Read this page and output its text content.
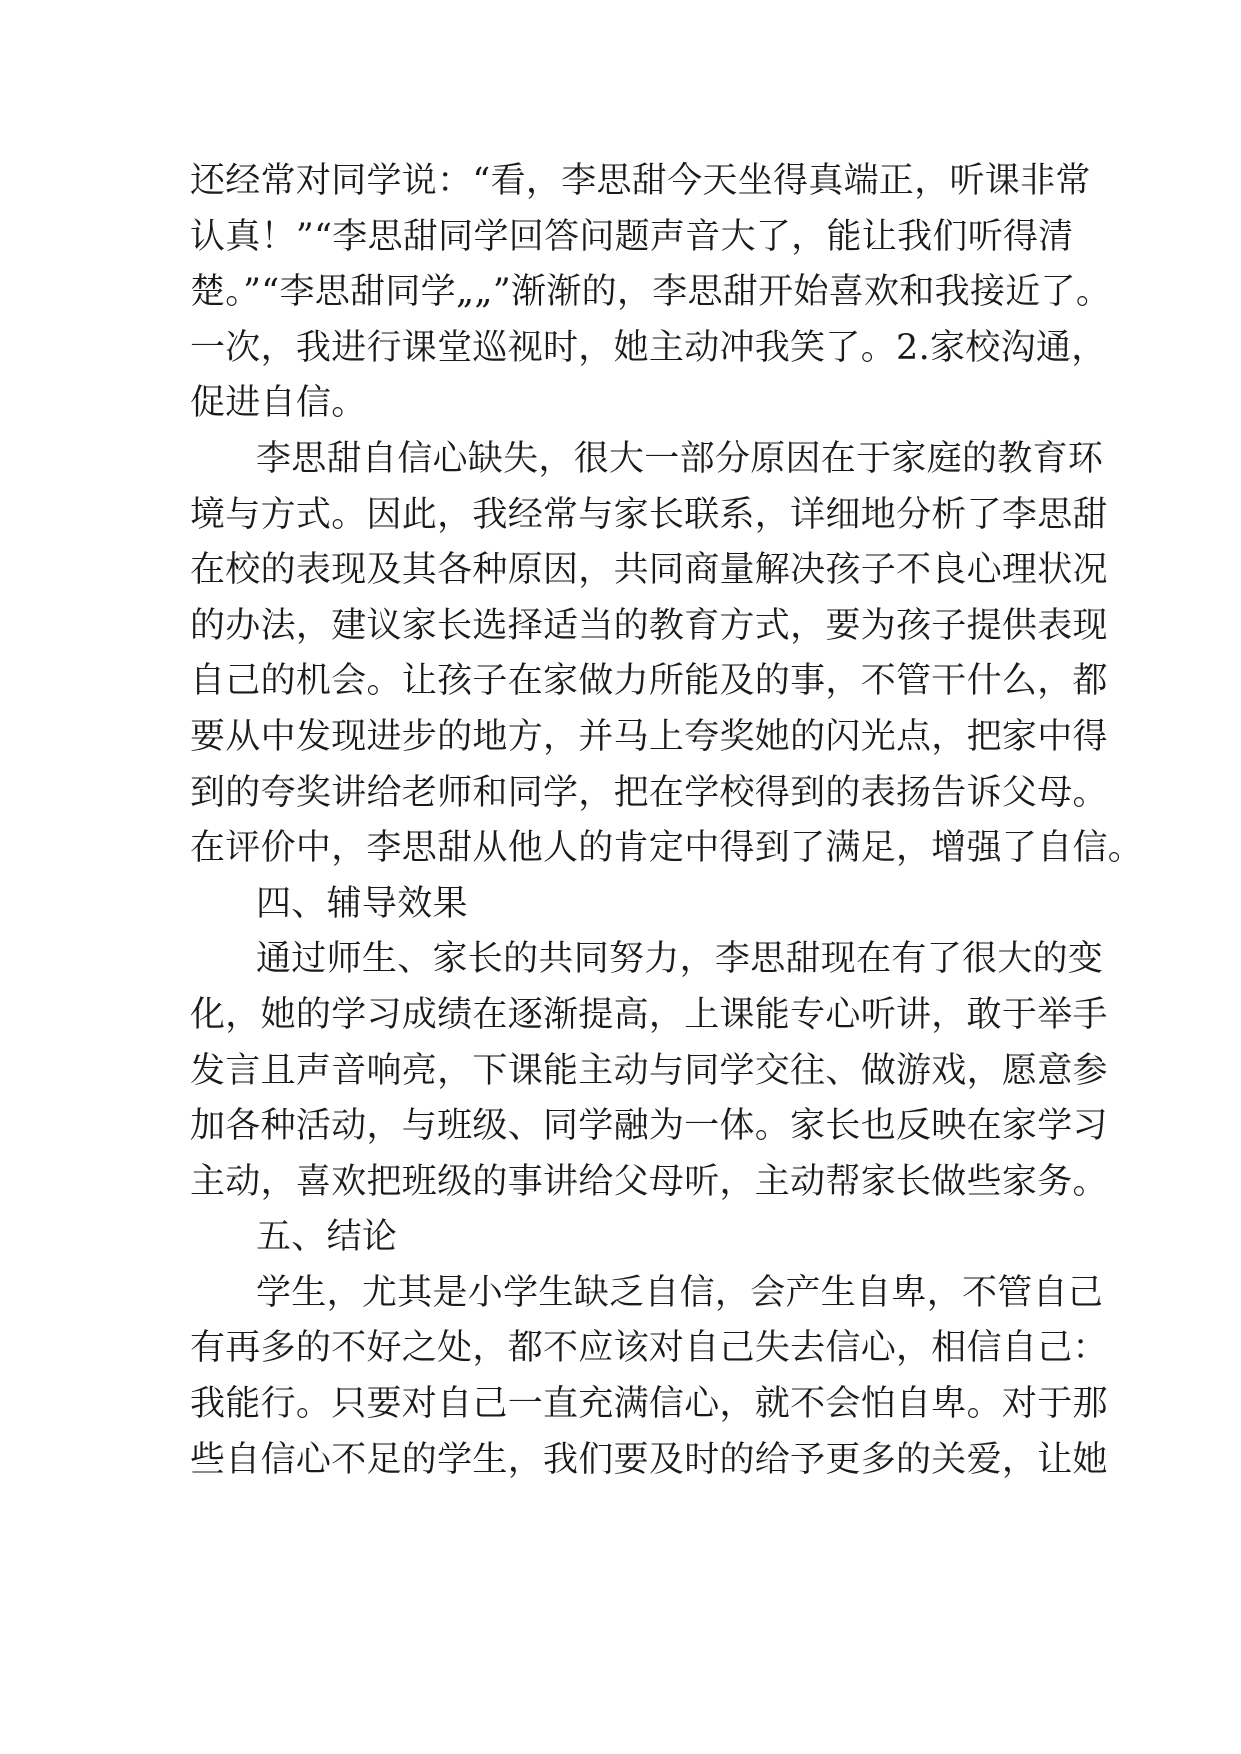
还经常对同学说：“看，李思甜今天坐得真端正，听课非常
认真！”“李思甜同学回答问题声音大了，能让我们听得清
楚。”“李思甜同学„„”渐渐的，李思甜开始喜欢和我接近了。
一次，我进行课堂巡视时，她主动冲我笑了。2.家校沟通，
促进自信。
李思甜自信心缺失，很大一部分原因在于家庭的教育环
境与方式。因此，我经常与家长联系，详细地分析了李思甜
在校的表现及其各种原因，共同商量解决孩子不良心理状况
的办法，建议家长选择适当的教育方式，要为孩子提供表现
自己的机会。让孩子在家做力所能及的事，不管干什么，都
要从中发现进步的地方，并马上夸奖她的闪光点，把家中得
到的夸奖讲给老师和同学，把在学校得到的表扬告诉父母。
在评价中，李思甜从他人的肯定中得到了满足，增强了自信。
四、辅导效果
通过师生、家长的共同努力，李思甜现在有了很大的变
化，她的学习成绩在逐渐提高，上课能专心听讲，敢于举手
发言且声音响亮，下课能主动与同学交往、做游戏，愿意参
加各种活动，与班级、同学融为一体。家长也反映在家学习
主动，喜欢把班级的事讲给父母听，主动帮家长做些家务。
五、结论
学生，尤其是小学生缺乏自信，会产生自卑，不管自己
有再多的不好之处，都不应该对自己失去信心，相信自己：
我能行。只要对自己一直充满信心，就不会怕自卑。对于那
些自信心不足的学生，我们要及时的给予更多的关爱，让她
